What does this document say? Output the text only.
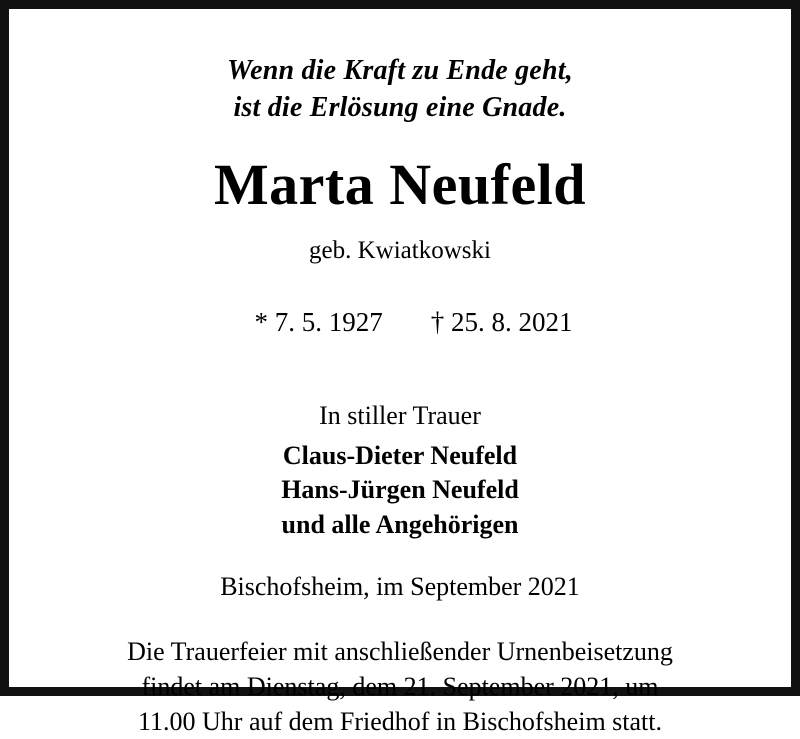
Wenn die Kraft zu Ende geht,
ist die Erlösung eine Gnade.
Marta Neufeld
geb. Kwiatkowski

* 7. 5. 1927 † 25. 8. 2021

In stiller Trauer
Claus-Dieter Neufeld
Hans-Jürgen Neufeld
und alle Angehörigen
Bischofsheim, im September 2021
Die Trauerfeier mit anschließender Urnenbeisetzung
findet am Dienstag, dem 21. September 2021, um
11.00 Uhr auf dem Friedhof in Bischofsheim statt.
